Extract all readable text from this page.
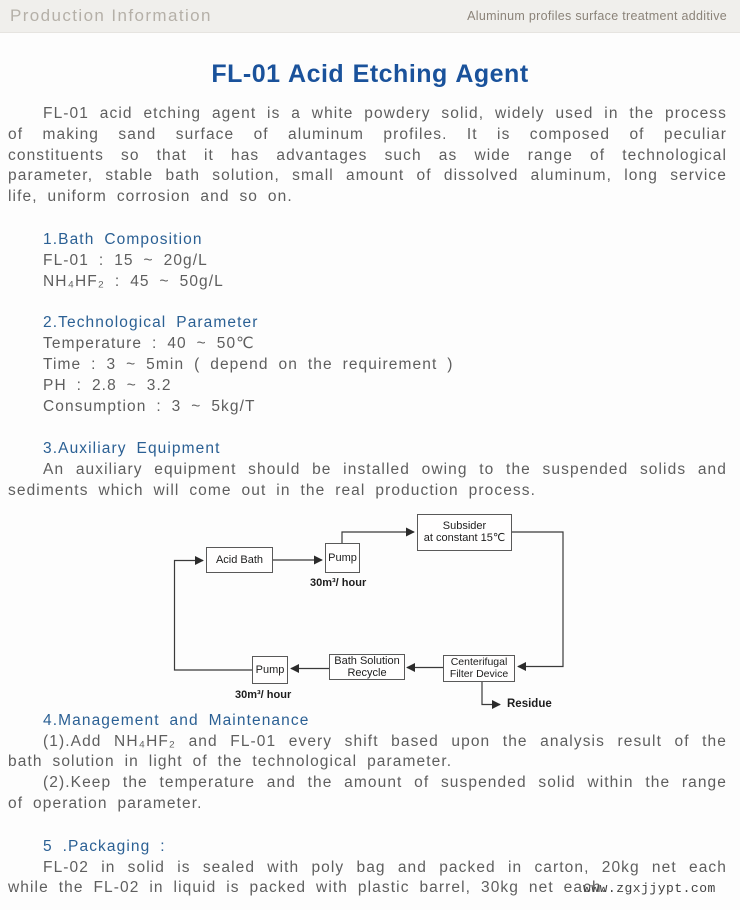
Production Information	Aluminum profiles surface treatment additive
FL-01 Acid Etching Agent

FL-01 acid etching agent is a white powdery solid, widely used in the process of making sand surface of aluminum profiles. It is composed of peculiar constituents so that it has advantages such as wide range of technological parameter, stable bath solution, small amount of dissolved aluminum, long service life, uniform corrosion and so on.

1.Bath Composition
FL-01 : 15 ~ 20g/L
NH₄HF₂ : 45 ~ 50g/L
2.Technological Parameter
Temperature : 40 ~ 50℃
Time : 3 ~ 5min ( depend on the requirement )
PH : 2.8 ~ 3.2
Consumption : 3 ~ 5kg/T
3.Auxiliary Equipment

An auxiliary equipment should be installed owing to the suspended solids and sediments which will come out in the real production process.

Acid Bath	Pump
Subsider
at constant 15℃
Pump
Bath Solution
Recycle
Centerifugal
Filter Device
30m³/ hour
30m³/ hour
Residue
4.Management and Maintenance

(1).Add NH₄HF₂ and FL-01 every shift based upon the analysis result of the bath solution in light of the technological parameter.

(2).Keep the temperature and the amount of suspended solid within the range of operation parameter.

5 .Packaging :

FL-02 in solid is sealed with poly bag and packed in carton, 20kg net each while the FL-02 in liquid is packed with plastic barrel, 30kg net each.

www.zgxjjypt.com
